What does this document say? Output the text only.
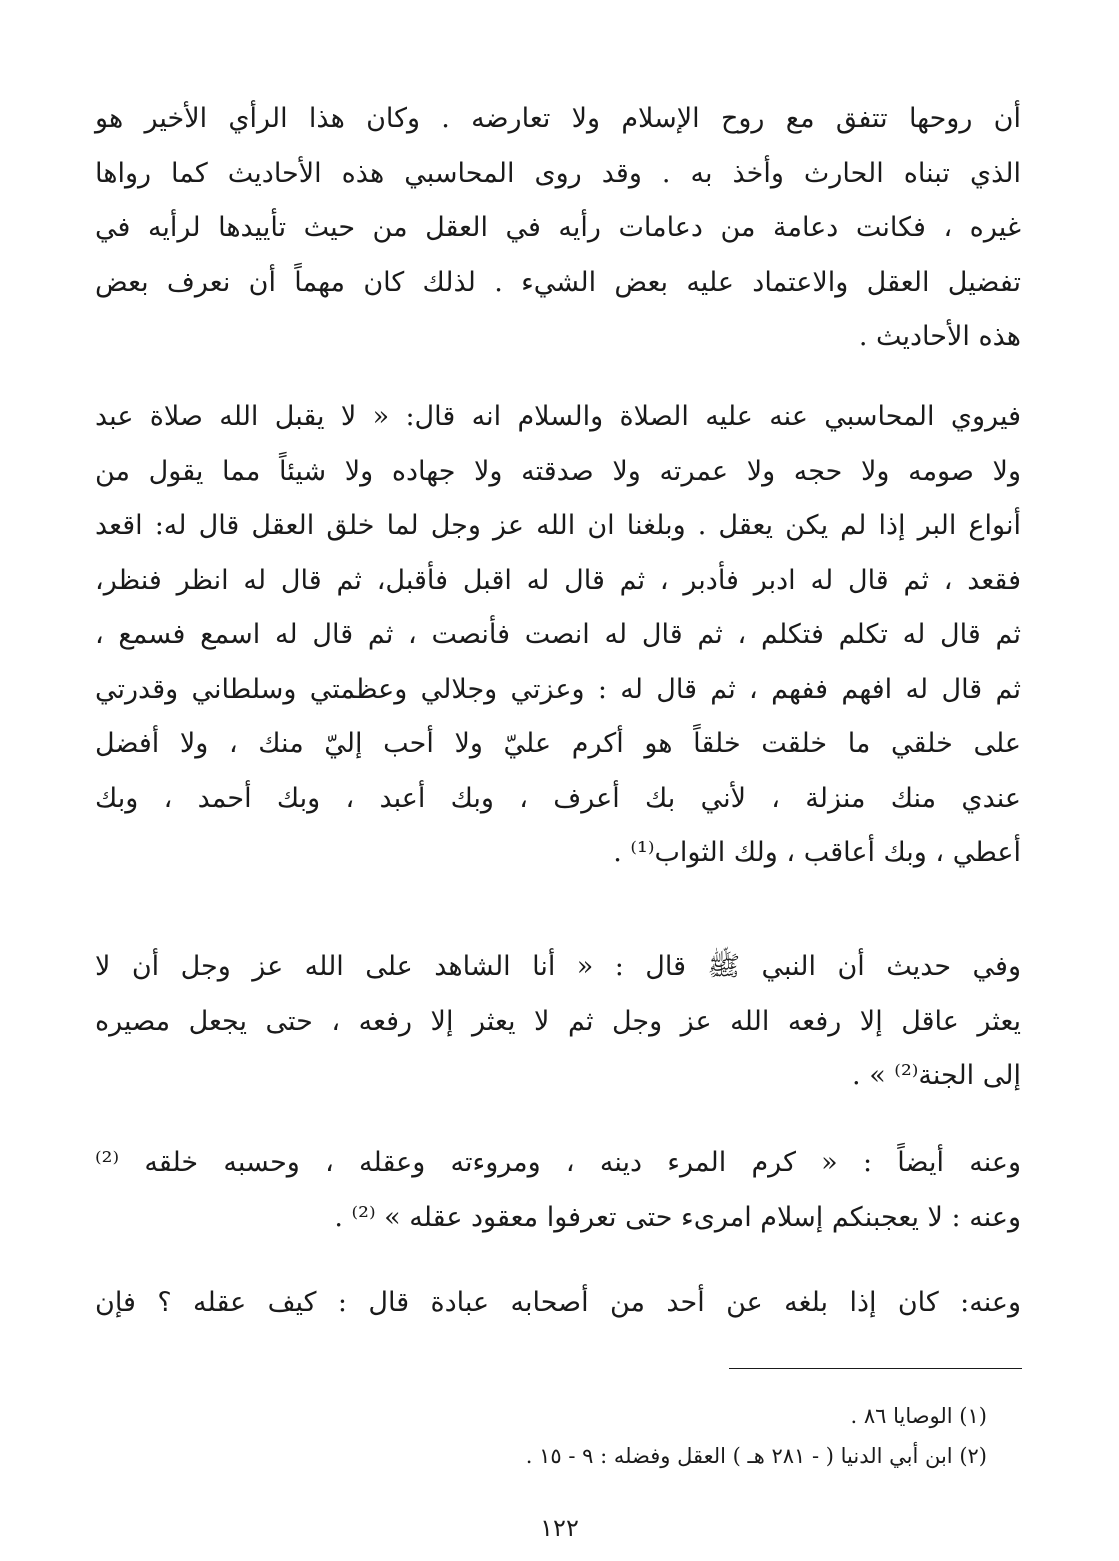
أن روحها تتفق مع روح الإسلام ولا تعارضه . وكان هذا الرأي الأخير هو
الذي تبناه الحارث وأخذ به . وقد روى المحاسبي هذه الأحاديث كما رواها
غيره ، فكانت دعامة من دعامات رأيه في العقل من حيث تأييدها لرأيه في
تفضيل العقل والاعتماد عليه بعض الشيء . لذلك كان مهماً أن نعرف بعض
هذه الأحاديث .

فيروي المحاسبي عنه عليه الصلاة والسلام انه قال: « لا يقبل الله صلاة عبد
ولا صومه ولا حجه ولا عمرته ولا صدقته ولا جهاده ولا شيئاً مما يقول من
أنواع البر إذا لم يكن يعقل . وبلغنا ان الله عز وجل لما خلق العقل قال له: اقعد
فقعد ، ثم قال له ادبر فأدبر ، ثم قال له اقبل فأقبل، ثم قال له انظر فنظر،
ثم قال له تكلم فتكلم ، ثم قال له انصت فأنصت ، ثم قال له اسمع فسمع ،
ثم قال له افهم ففهم ، ثم قال له : وعزتي وجلالي وعظمتي وسلطاني وقدرتي
على خلقي ما خلقت خلقاً هو أكرم عليّ ولا أحب إليّ منك ، ولا أفضل
عندي منك منزلة ، لأني بك أعرف ، وبك أعبد ، وبك أحمد ، وبك
أعطي ، وبك أعاقب ، ولك الثواب⁽¹⁾ .

وفي حديث أن النبي ﷺ قال : « أنا الشاهد على الله عز وجل أن لا
يعثر عاقل إلا رفعه الله عز وجل ثم لا يعثر إلا رفعه ، حتى يجعل مصيره
إلى الجنة⁽²⁾ » .

وعنه أيضاً : « كرم المرء دينه ، ومروءته وعقله ، وحسبه خلقه ⁽²⁾
وعنه : لا يعجبنكم إسلام امرىء حتى تعرفوا معقود عقله » ⁽²⁾ .

وعنه: كان إذا بلغه عن أحد من أصحابه عبادة قال : كيف عقله ؟ فإن

(١) الوصايا ٨٦ .
(٢) ابن أبي الدنيا ( - ٢٨١ هـ ) العقل وفضله : ٩ - ١٥ .
١٢٢
